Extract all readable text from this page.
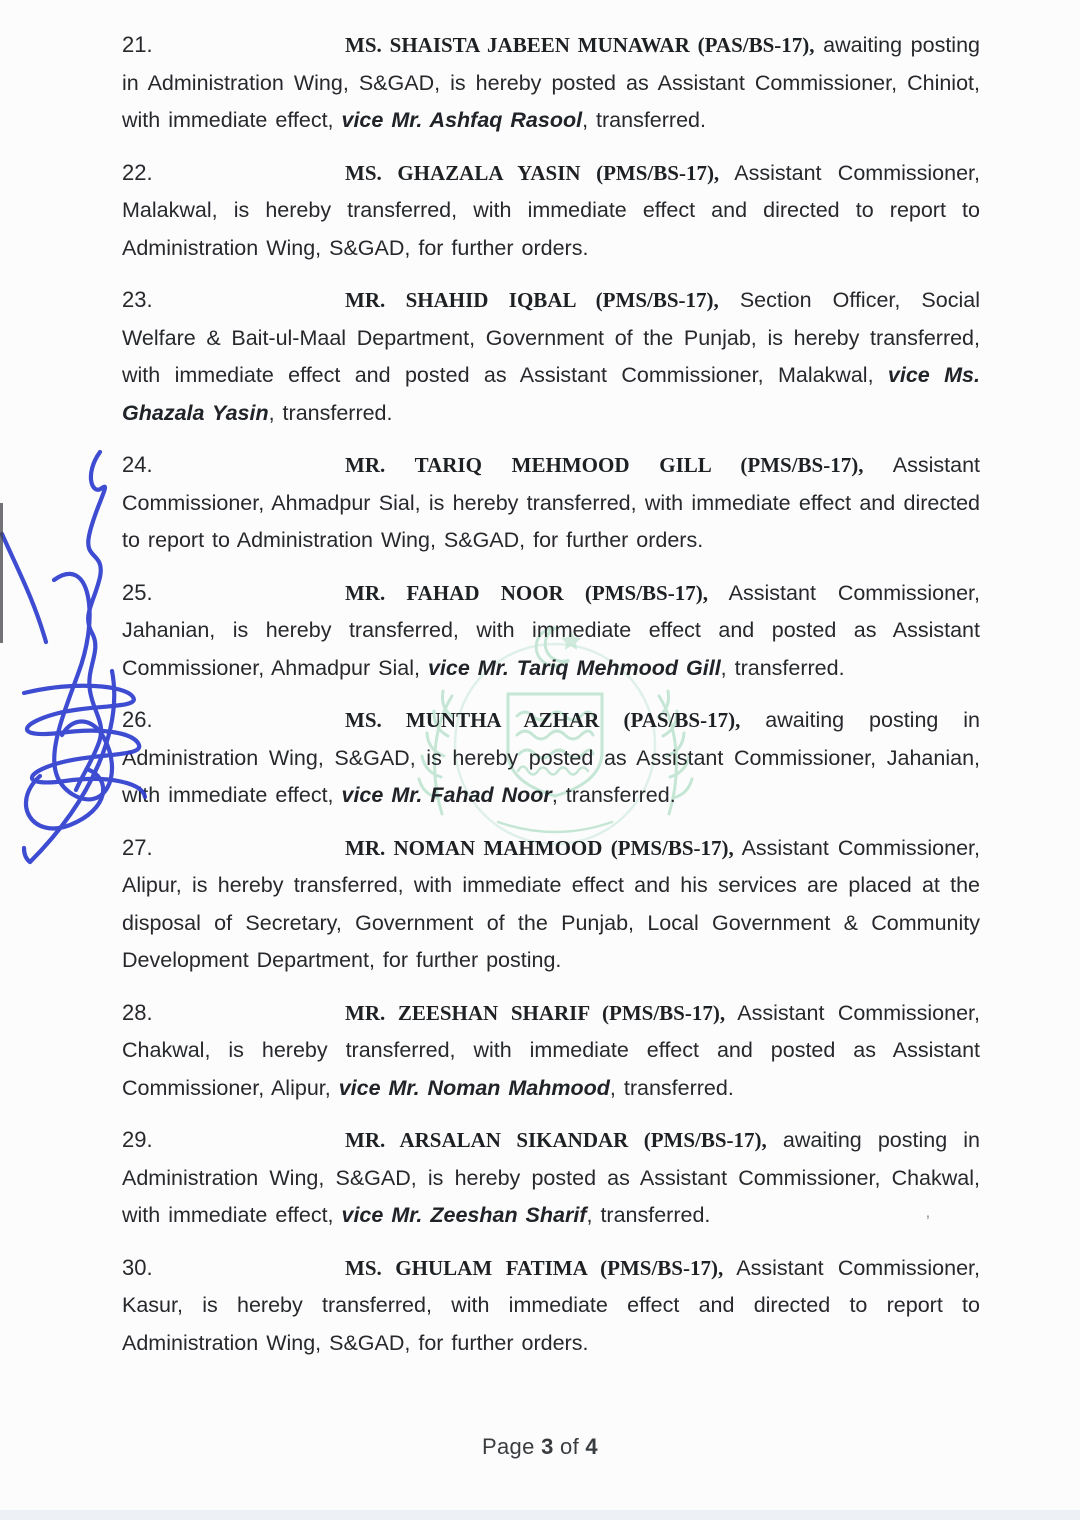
21.	MS. SHAISTA JABEEN MUNAWAR (PAS/BS-17), awaiting posting in Administration Wing, S&GAD, is hereby posted as Assistant Commissioner, Chiniot, with immediate effect, vice Mr. Ashfaq Rasool, transferred.

22.	MS. GHAZALA YASIN (PMS/BS-17), Assistant Commissioner, Malakwal, is hereby transferred, with immediate effect and directed to report to Administration Wing, S&GAD, for further orders.

23.	MR. SHAHID IQBAL (PMS/BS-17), Section Officer, Social Welfare & Bait-ul-Maal Department, Government of the Punjab, is hereby transferred, with immediate effect and posted as Assistant Commissioner, Malakwal, vice Ms. Ghazala Yasin, transferred.

24.	MR. TARIQ MEHMOOD GILL (PMS/BS-17), Assistant Commissioner, Ahmadpur Sial, is hereby transferred, with immediate effect and directed to report to Administration Wing, S&GAD, for further orders.

25.	MR. FAHAD NOOR (PMS/BS-17), Assistant Commissioner, Jahanian, is hereby transferred, with immediate effect and posted as Assistant Commissioner, Ahmadpur Sial, vice Mr. Tariq Mehmood Gill, transferred.

26.	MS. MUNTHA AZHAR (PAS/BS-17), awaiting posting in Administration Wing, S&GAD, is hereby posted as Assistant Commissioner, Jahanian, with immediate effect, vice Mr. Fahad Noor, transferred.

27.	MR. NOMAN MAHMOOD (PMS/BS-17), Assistant Commissioner, Alipur, is hereby transferred, with immediate effect and his services are placed at the disposal of Secretary, Government of the Punjab, Local Government & Community Development Department, for further posting.

28.	MR. ZEESHAN SHARIF (PMS/BS-17), Assistant Commissioner, Chakwal, is hereby transferred, with immediate effect and posted as Assistant Commissioner, Alipur, vice Mr. Noman Mahmood, transferred.

29.	MR. ARSALAN SIKANDAR (PMS/BS-17), awaiting posting in Administration Wing, S&GAD, is hereby posted as Assistant Commissioner, Chakwal, with immediate effect, vice Mr. Zeeshan Sharif, transferred.

30.	MS. GHULAM FATIMA (PMS/BS-17), Assistant Commissioner, Kasur, is hereby transferred, with immediate effect and directed to report to Administration Wing, S&GAD, for further orders.

’
Page 3 of 4
